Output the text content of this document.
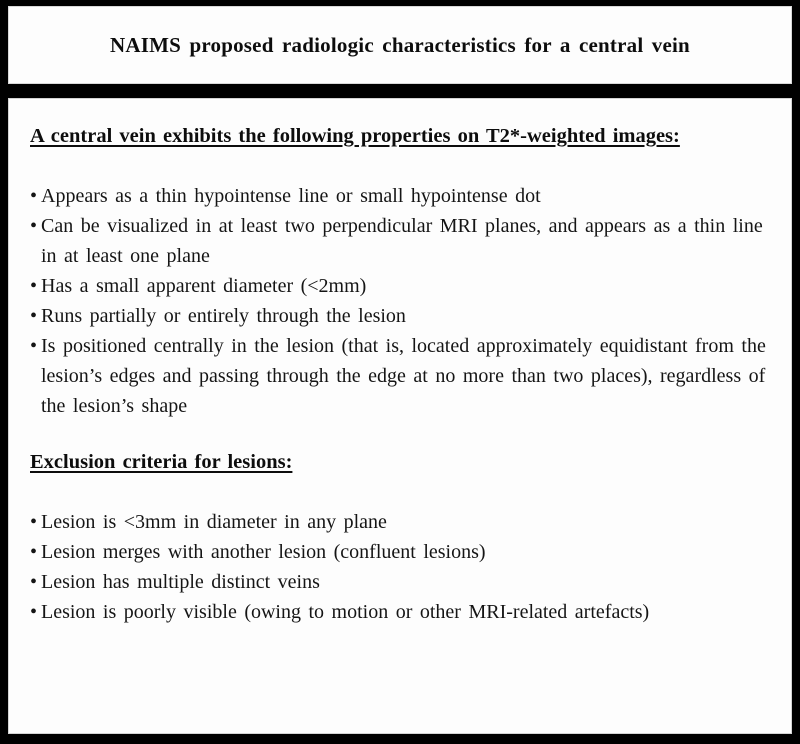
NAIMS proposed radiologic characteristics for a central vein
A central vein exhibits the following properties on T2*-weighted images:
• Appears as a thin hypointense line or small hypointense dot
• Can be visualized in at least two perpendicular MRI planes, and appears as a thin line in at least one plane
• Has a small apparent diameter (<2mm)
• Runs partially or entirely through the lesion
• Is positioned centrally in the lesion (that is, located approximately equidistant from the lesion’s edges and passing through the edge at no more than two places), regardless of the lesion’s shape
Exclusion criteria for lesions:
• Lesion is <3mm in diameter in any plane
• Lesion merges with another lesion (confluent lesions)
• Lesion has multiple distinct veins
• Lesion is poorly visible (owing to motion or other MRI-related artefacts)
